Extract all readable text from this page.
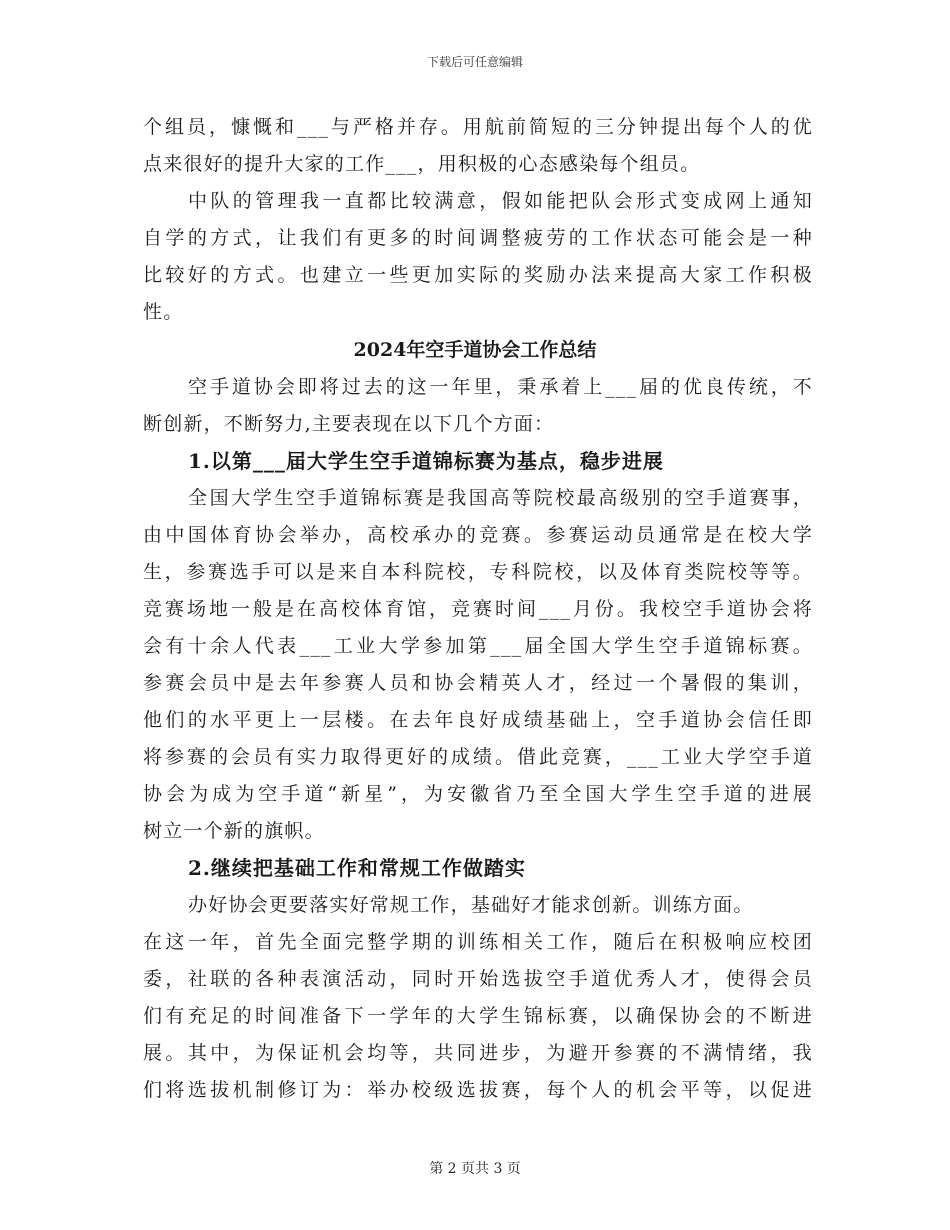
下载后可任意编辑
个组员，慷慨和___与严格并存。用航前简短的三分钟提出每个人的优
点来很好的提升大家的工作___，用积极的心态感染每个组员。
中队的管理我一直都比较满意，假如能把队会形式变成网上通知
自学的方式，让我们有更多的时间调整疲劳的工作状态可能会是一种
比较好的方式。也建立一些更加实际的奖励办法来提高大家工作积极
性。
2024年空手道协会工作总结
空手道协会即将过去的这一年里，秉承着上___届的优良传统，不
断创新，不断努力,主要表现在以下几个方面：
1.以第___届大学生空手道锦标赛为基点，稳步进展
全国大学生空手道锦标赛是我国高等院校最高级别的空手道赛事，
由中国体育协会举办，高校承办的竞赛。参赛运动员通常是在校大学
生，参赛选手可以是来自本科院校，专科院校，以及体育类院校等等。
竞赛场地一般是在高校体育馆，竞赛时间___月份。我校空手道协会将
会有十余人代表___工业大学参加第___届全国大学生空手道锦标赛。
参赛会员中是去年参赛人员和协会精英人才，经过一个暑假的集训，
他们的水平更上一层楼。在去年良好成绩基础上，空手道协会信任即
将参赛的会员有实力取得更好的成绩。借此竞赛，___工业大学空手道
协会为成为空手道“新星”，为安徽省乃至全国大学生空手道的进展
树立一个新的旗帜。
2.继续把基础工作和常规工作做踏实
办好协会更要落实好常规工作，基础好才能求创新。训练方面。
在这一年，首先全面完整学期的训练相关工作，随后在积极响应校团
委，社联的各种表演活动，同时开始选拔空手道优秀人才，使得会员
们有充足的时间准备下一学年的大学生锦标赛，以确保协会的不断进
展。其中，为保证机会均等，共同进步，为避开参赛的不满情绪，我
们将选拔机制修订为：举办校级选拔赛，每个人的机会平等，以促进
第 2 页共 3 页
